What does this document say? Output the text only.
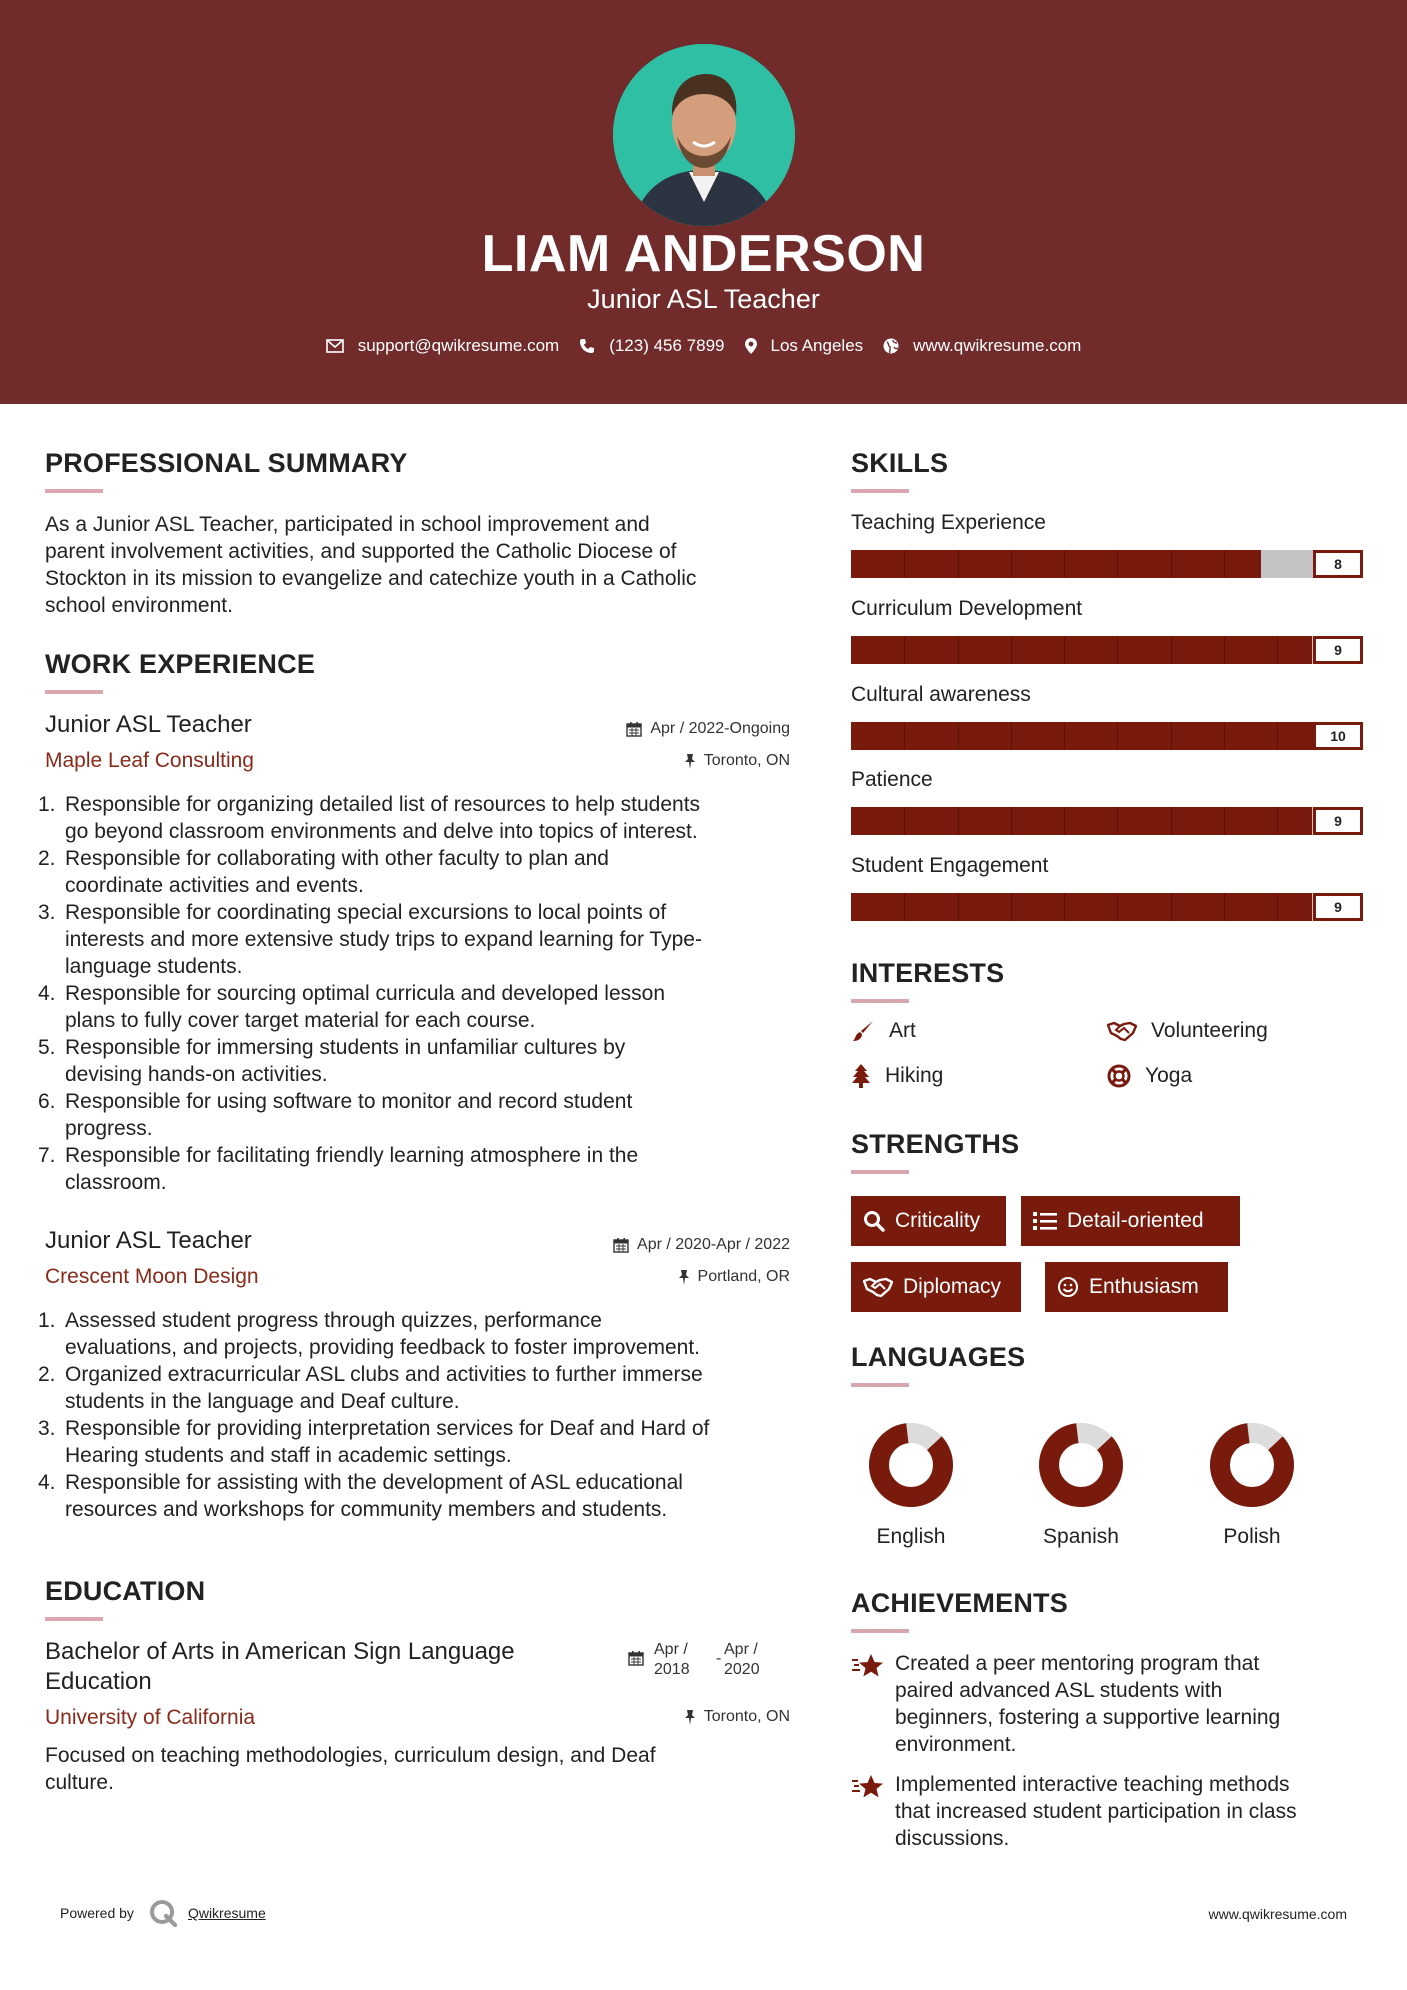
LIAM ANDERSON
Junior ASL Teacher
support@qwikresume.com	(123) 456 7899	Los Angeles	www.qwikresume.com
PROFESSIONAL SUMMARY
As a Junior ASL Teacher, participated in school improvement and
parent involvement activities, and supported the Catholic Diocese of
Stockton in its mission to evangelize and catechize youth in a Catholic
school environment.
WORK EXPERIENCE
Junior ASL Teacher	Apr / 2022-Ongoing
Maple Leaf Consulting	Toronto, ON
1. Responsible for organizing detailed list of resources to help students
go beyond classroom environments and delve into topics of interest.
2. Responsible for collaborating with other faculty to plan and
coordinate activities and events.
3. Responsible for coordinating special excursions to local points of
interests and more extensive study trips to expand learning for Type-
language students.
4. Responsible for sourcing optimal curricula and developed lesson
plans to fully cover target material for each course.
5. Responsible for immersing students in unfamiliar cultures by
devising hands-on activities.
6. Responsible for using software to monitor and record student
progress.
7. Responsible for facilitating friendly learning atmosphere in the
classroom.
Junior ASL Teacher	Apr / 2020-Apr / 2022
Crescent Moon Design	Portland, OR
1. Assessed student progress through quizzes, performance
evaluations, and projects, providing feedback to foster improvement.
2. Organized extracurricular ASL clubs and activities to further immerse
students in the language and Deaf culture.
3. Responsible for providing interpretation services for Deaf and Hard of
Hearing students and staff in academic settings.
4. Responsible for assisting with the development of ASL educational
resources and workshops for community members and students.
EDUCATION
Bachelor of Arts in American Sign Language
Education
Apr /
2018
-
Apr /
2020
University of California	Toronto, ON
Focused on teaching methodologies, curriculum design, and Deaf
culture.
SKILLS
Teaching Experience
8
Curriculum Development
9
Cultural awareness
10
Patience
9
Student Engagement
9
INTERESTS
Art	Volunteering
Hiking	Yoga
STRENGTHS
Criticality	Detail-oriented
Diplomacy	Enthusiasm
LANGUAGES
English	Spanish	Polish
ACHIEVEMENTS
Created a peer mentoring program that
paired advanced ASL students with
beginners, fostering a supportive learning
environment.
Implemented interactive teaching methods
that increased student participation in class
discussions.
Powered by	Qwikresume	www.qwikresume.com
